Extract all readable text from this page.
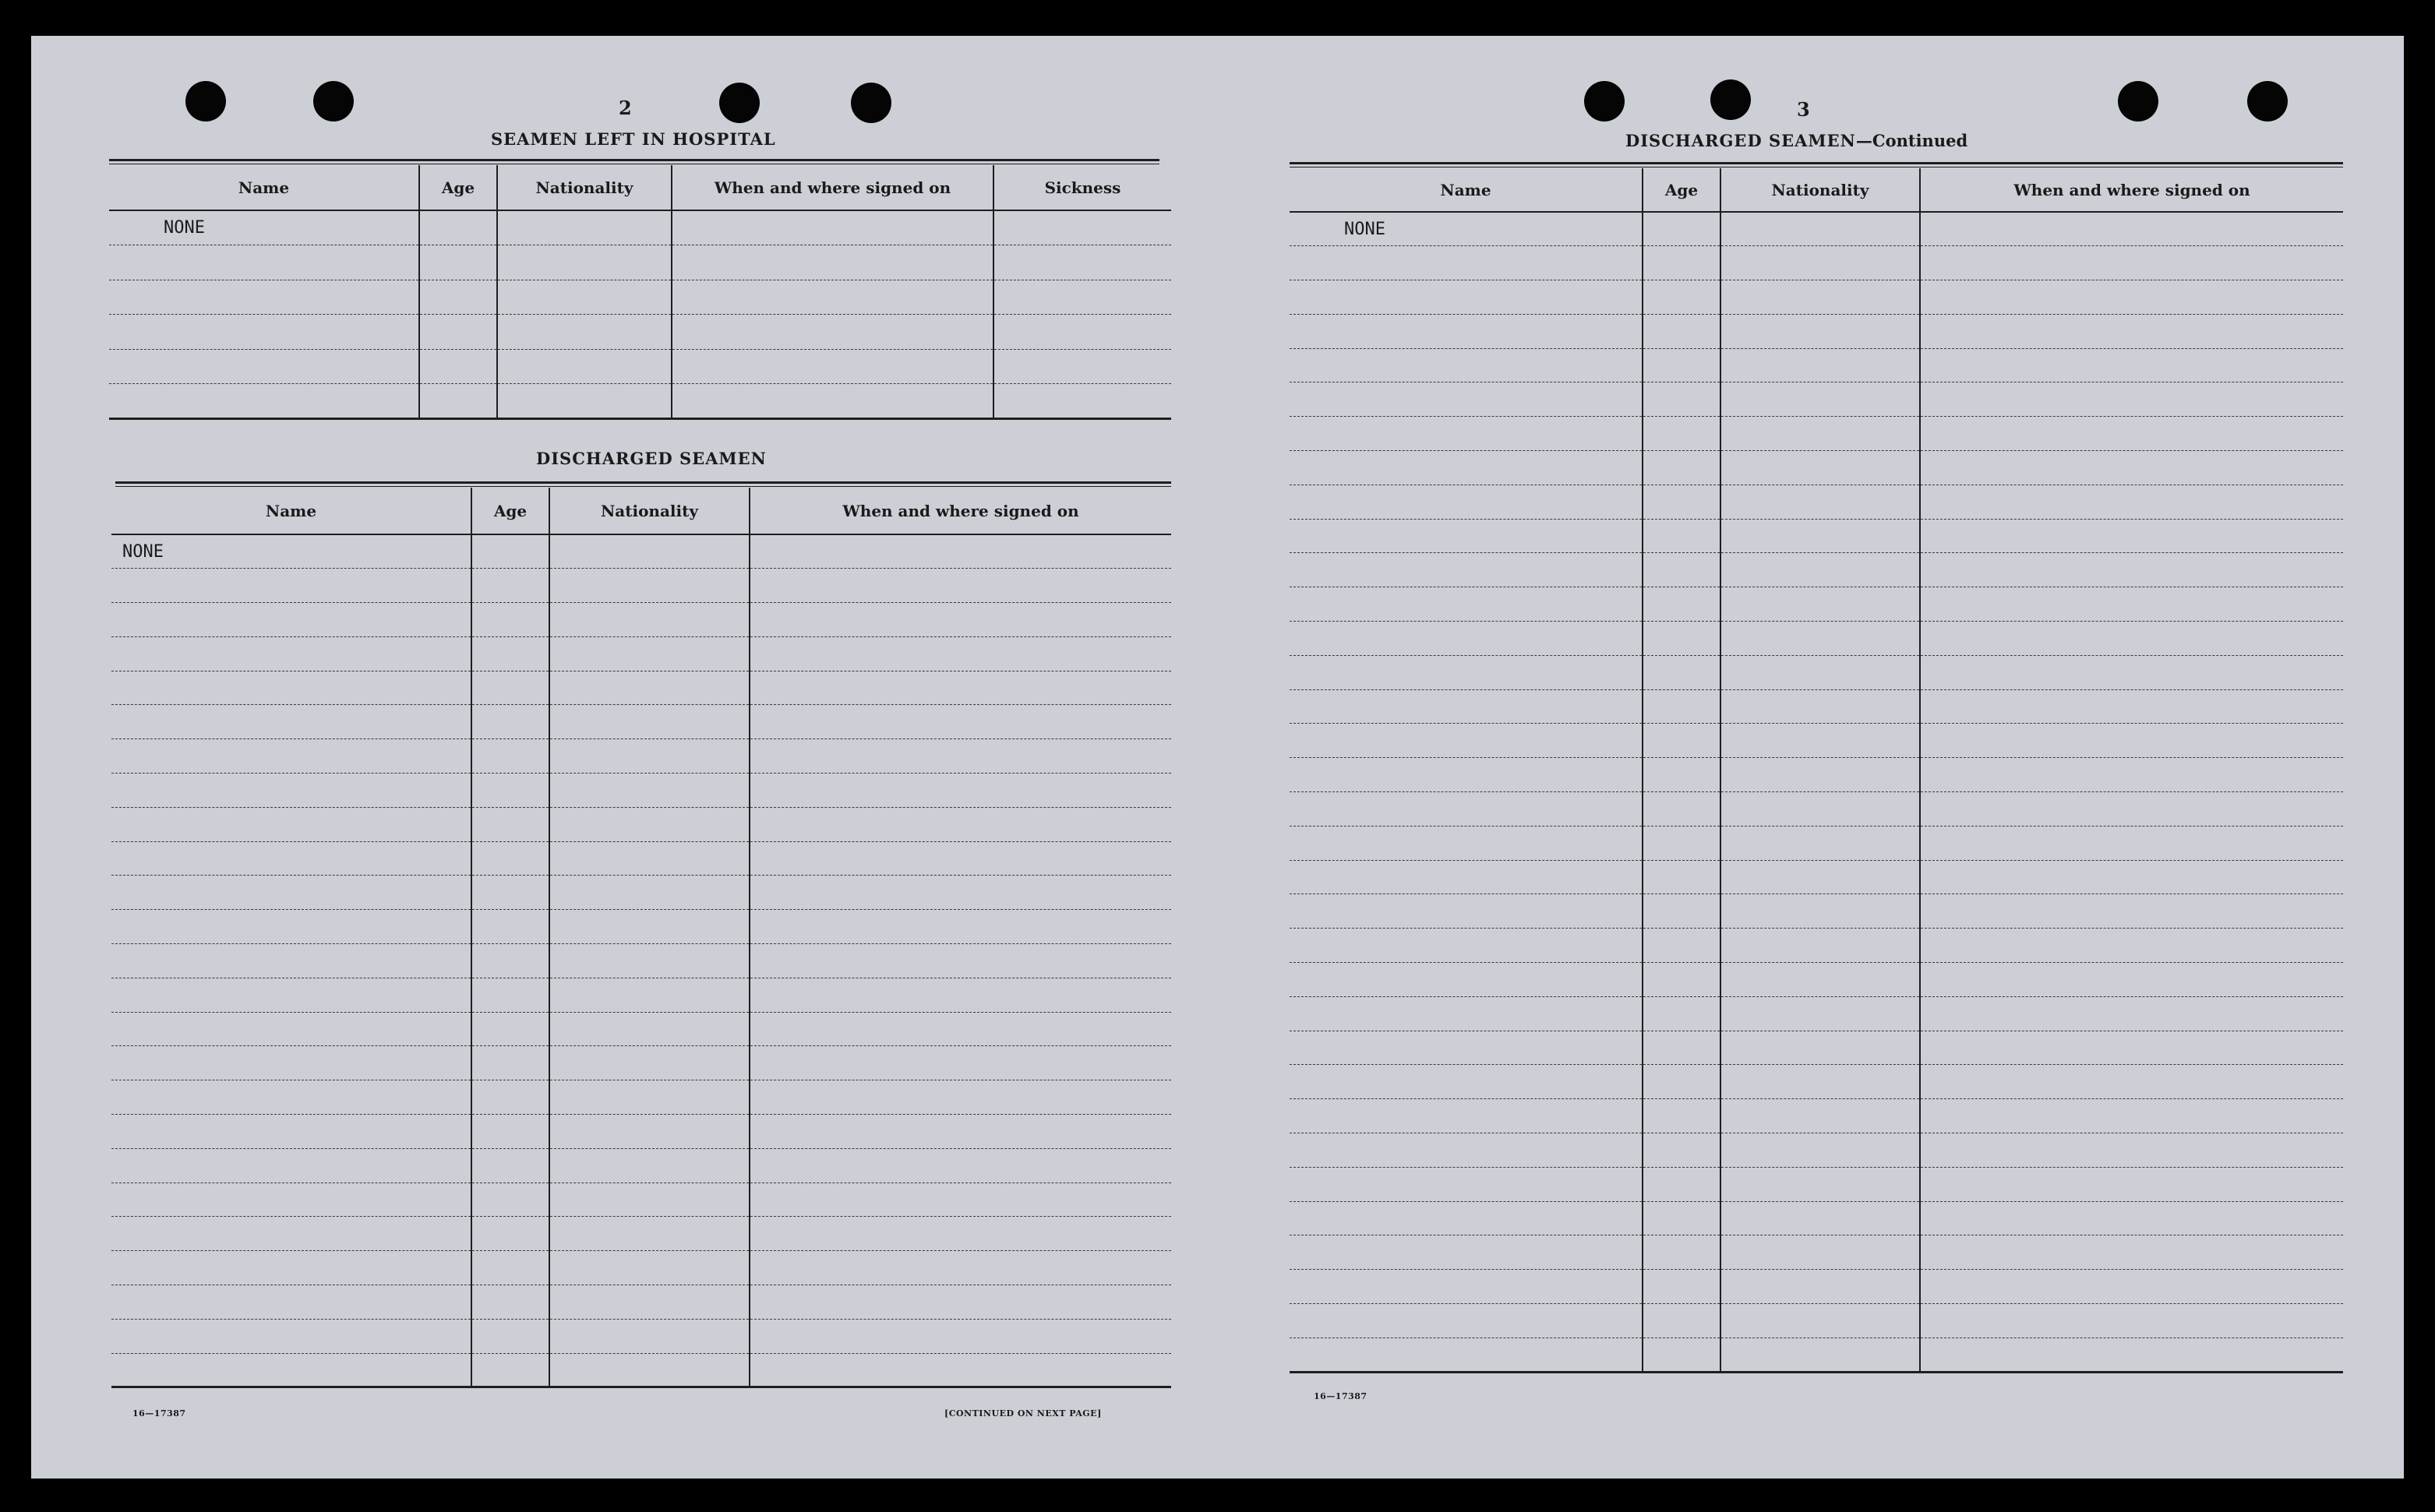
2
SEAMEN LEFT IN HOSPITAL
Name	Age	Nationality	When and where signed on	Sickness
NONE				

DISCHARGED SEAMEN
Name	Age	Nationality	When and where signed on
NONE			

16—17387	[CONTINUED ON NEXT PAGE]
3
DISCHARGED SEAMEN—Continued
Name	Age	Nationality	When and where signed on
NONE			

16—17387
